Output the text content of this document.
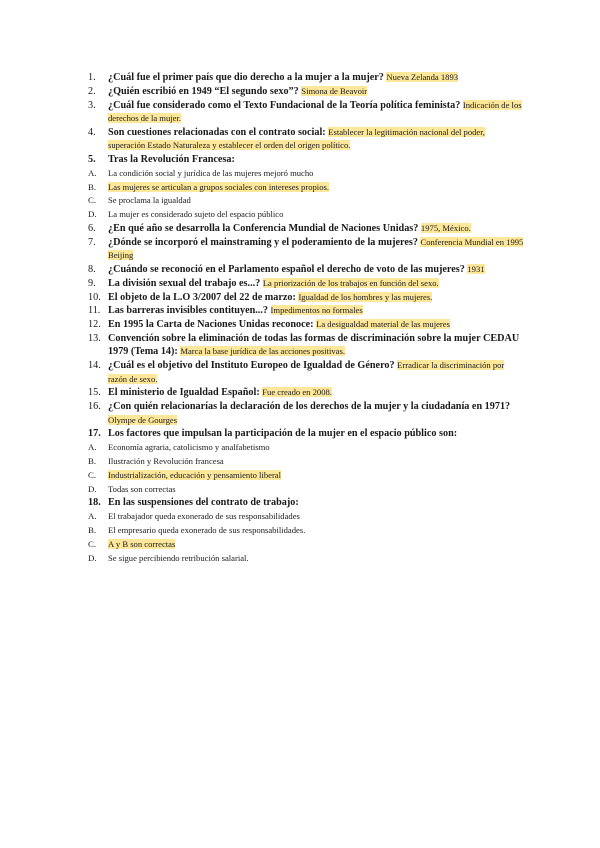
1.	¿Cuál fue el primer país que dio derecho a la mujer a la mujer? Nueva Zelanda 1893
2.	¿Quién escribió en 1949 “El segundo sexo”? Simona de Beavoir
3.	¿Cuál fue considerado como el Texto Fundacional de la Teoría política feminista? Indicación de los derechos de la mujer.
4.	Son cuestiones relacionadas con el contrato social: Establecer la legitimación nacional del poder, superación Estado Naturaleza y establecer el orden del origen político.
5.	Tras la Revolución Francesa:
A.	La condición social y jurídica de las mujeres mejoró mucho
B.	Las mujeres se articulan a grupos sociales con intereses propios.
C.	Se proclama la igualdad
D.	La mujer es considerado sujeto del espacio público
6.	¿En qué año se desarrolla la Conferencia Mundial de Naciones Unidas? 1975, México.
7.	¿Dónde se incorporó el mainstraming y el poderamiento de la mujeres? Conferencia Mundial en 1995 Beijing
8.	¿Cuándo se reconoció en el Parlamento español el derecho de voto de las mujeres? 1931
9.	La división sexual del trabajo es...? La priorización de los trabajos en función del sexo.
10. El objeto de la L.O 3/2007 del 22 de marzo: Igualdad de los hombres y las mujeres.
11. Las barreras invisibles contituyen...? Impedimentos no formales
12. En 1995 la Carta de Naciones Unidas reconoce: La desigualdad material de las mujeres
13. Convención sobre la eliminación de todas las formas de discriminación sobre la mujer CEDAU 1979 (Tema 14): Marca la base jurídica de las acciones positivas.
14. ¿Cuál es el objetivo del Instituto Europeo de Igualdad de Género? Erradicar la discriminación por razón de sexo.
15. El ministerio de Igualdad Español: Fue creado en 2008.
16. ¿Con quién relacionarías la declaración de los derechos de la mujer y la ciudadanía en 1971? Olympe de Gourges
17. Los factores que impulsan la participación de la mujer en el espacio público son:
A.	Economía agraria, catolicismo y analfabetismo
B.	Ilustración y Revolución francesa
C.	Industrialización, educación y pensamiento liberal
D.	Todas son correctas
18. En las suspensiones del contrato de trabajo:
A.	El trabajador queda exonerado de sus responsabilidades
B.	El empresario queda exonerado de sus responsabilidades.
C.	A y B son correctas
D.	Se sigue percibiendo retribución salarial.
